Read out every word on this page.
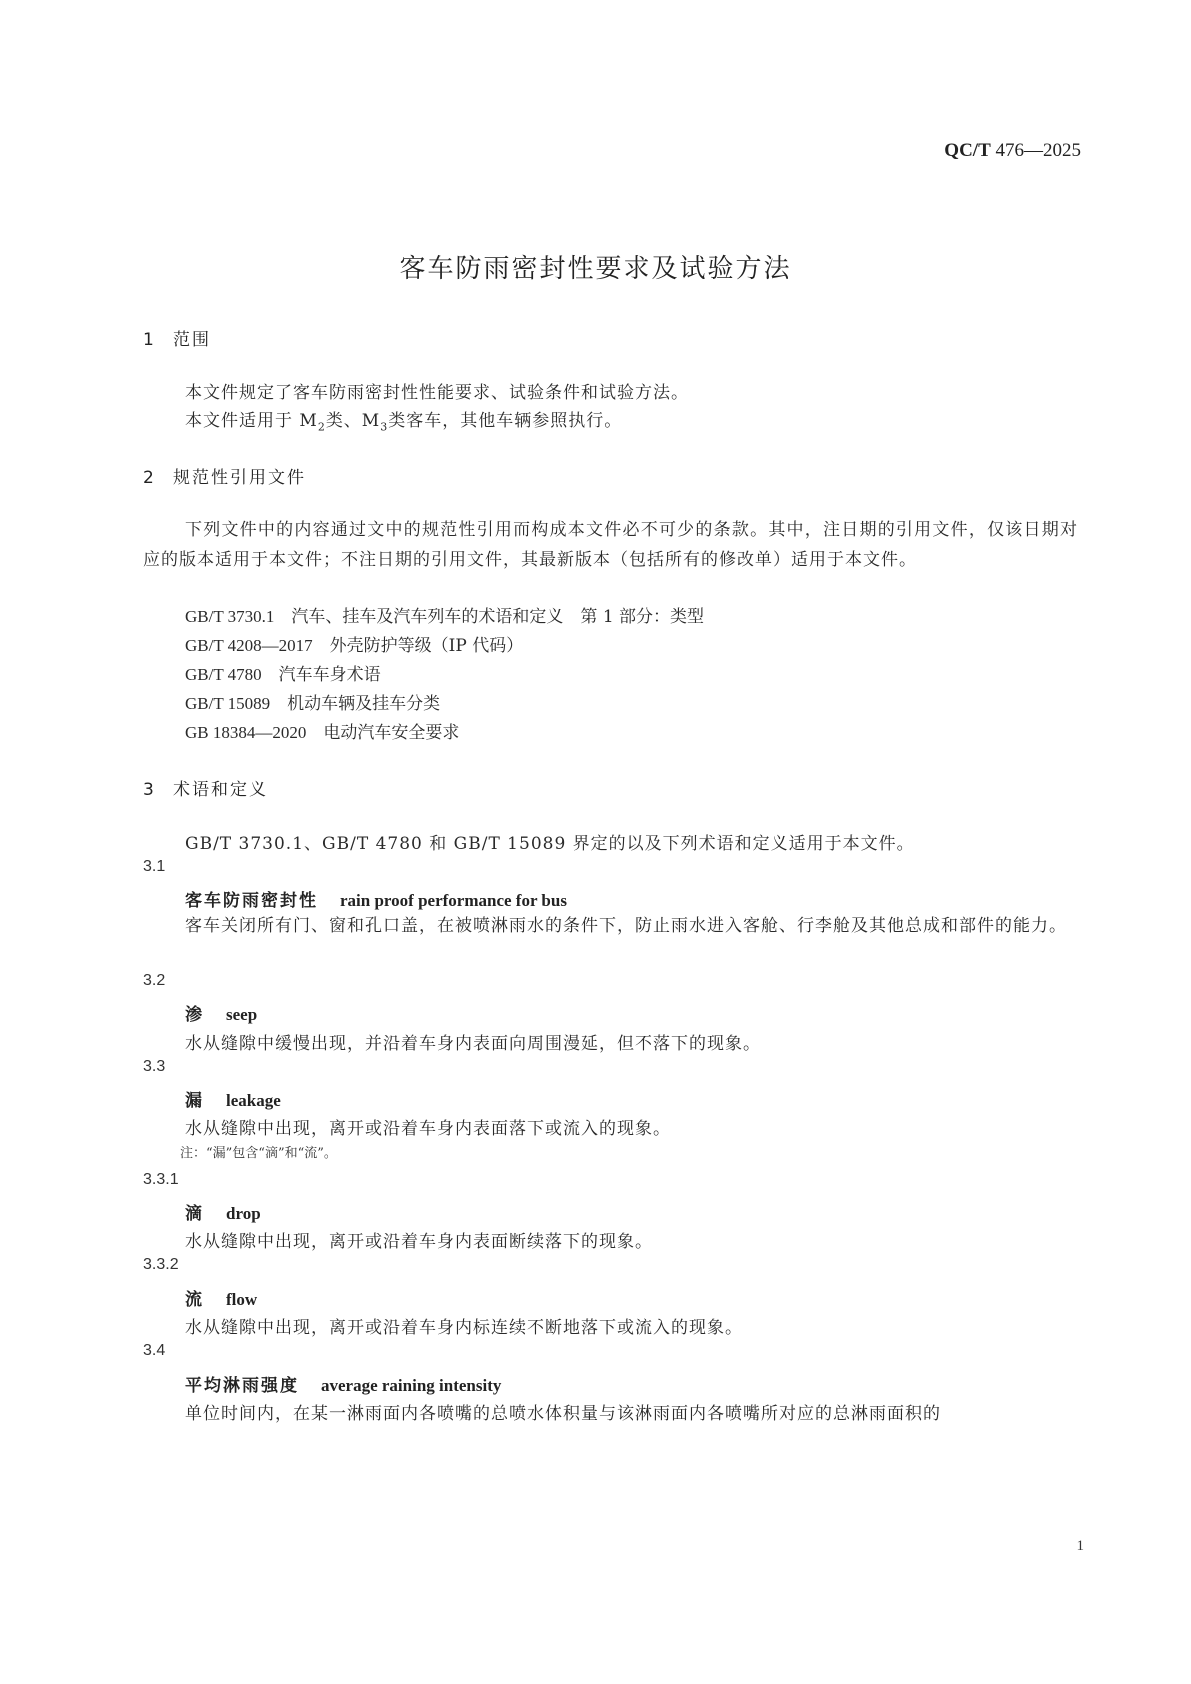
QC/T 476—2025
客车防雨密封性要求及试验方法
1 范围
本文件规定了客车防雨密封性性能要求、试验条件和试验方法。
本文件适用于 $M_2$类、$M_3$类客车，其他车辆参照执行。
2 规范性引用文件
下列文件中的内容通过文中的规范性引用而构成本文件必不可少的条款。其中，注日期的引用文件，仅该日期对应的版本适用于本文件；不注日期的引用文件，其最新版本（包括所有的修改单）适用于本文件。
GB/T 3730.1　 汽车、挂车及汽车列车的术语和定义　第 1 部分：类型
GB/T 4208—2017　 外壳防护等级（IP 代码）
GB/T 4780　 汽车车身术语
GB/T 15089　 机动车辆及挂车分类
GB 18384—2020　 电动汽车安全要求
3 术语和定义
GB/T 3730.1、GB/T 4780 和 GB/T 15089 界定的以及下列术语和定义适用于本文件。
3.1
客车防雨密封性 rain proof performance for bus
客车关闭所有门、窗和孔口盖，在被喷淋雨水的条件下，防止雨水进入客舱、行李舱及其他总成和部件的能力。
3.2
渗 seep
水从缝隙中缓慢出现，并沿着车身内表面向周围漫延，但不落下的现象。
3.3
漏 leakage
水从缝隙中出现，离开或沿着车身内表面落下或流入的现象。
注：“漏”包含“滴”和“流”。
3.3.1
滴 drop
水从缝隙中出现，离开或沿着车身内表面断续落下的现象。
3.3.2
流 flow
水从缝隙中出现，离开或沿着车身内标连续不断地落下或流入的现象。
3.4
平均淋雨强度 average raining intensity
单位时间内，在某一淋雨面内各喷嘴的总喷水体积量与该淋雨面内各喷嘴所对应的总淋雨面积的
1
